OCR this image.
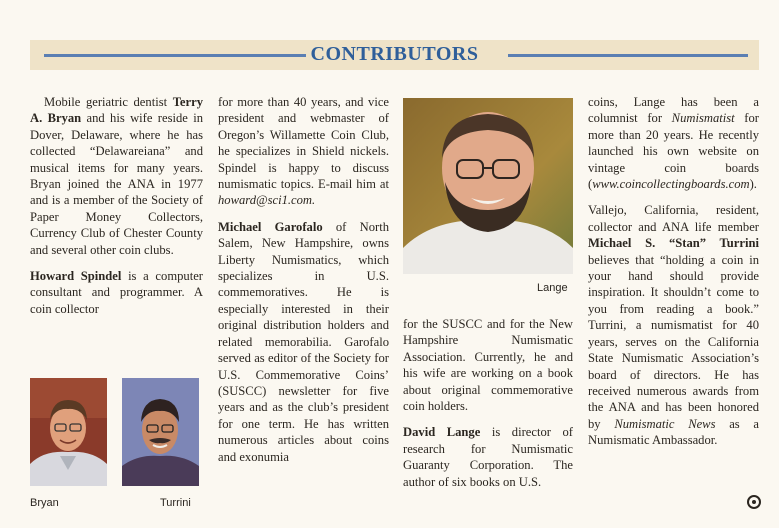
CONTRIBUTORS

Mobile geriatric dentist Terry A. Bryan and his wife reside in Dover, Delaware, where he has collected “Delawareiana” and musical items for many years. Bryan joined the ANA in 1977 and is a member of the Society of Paper Money Collectors, Currency Club of Chester County and several other coin clubs.

Howard Spindel is a computer consultant and programmer. A coin collector

Bryan	Turrini

for more than 40 years, and vice president and webmaster of Oregon’s Willamette Coin Club, he specializes in Shield nickels. Spindel is happy to discuss numismatic topics. E-mail him at howard@sci1.com.

Michael Garofalo of North Salem, New Hampshire, owns Liberty Numismatics, which specializes in U.S. commemoratives. He is especially interested in their original distribution holders and related memorabilia. Garofalo served as editor of the Society for U.S. Commemorative Coins’ (SUSCC) newsletter for five years and as the club’s president for one term. He has written numerous articles about coins and exonumia

Lange

for the SUSCC and for the New Hampshire Numismatic Association. Currently, he and his wife are working on a book about original commemorative coin holders.

David Lange is director of research for Numismatic Guaranty Corporation. The author of six books on U.S.

coins, Lange has been a columnist for Numismatist for more than 20 years. He recently launched his own website on vintage coin boards (www.coincollectingboards.com).

Vallejo, California, resident, collector and ANA life member Michael S. “Stan” Turrini believes that “holding a coin in your hand should provide inspiration. It shouldn’t come to you from reading a book.” Turrini, a numismatist for 40 years, serves on the California State Numismatic Association’s board of directors. He has received numerous awards from the ANA and has been honored by Numismatic News as a Numismatic Ambassador.
